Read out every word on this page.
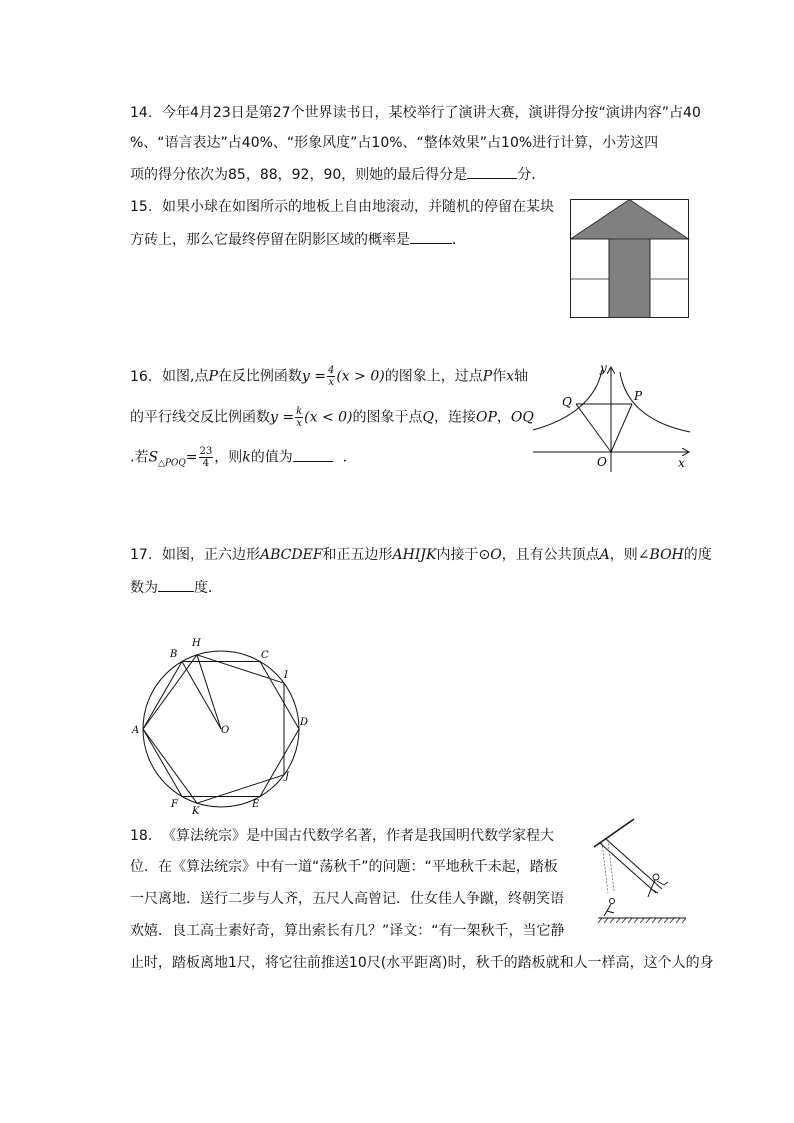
14. 今年4月23日是第27个世界读书日，某校举行了演讲大赛，演讲得分按“演讲内容”占40
%、“语言表达”占40%、“形象风度”占10%、“整体效果”占10%进行计算，小芳这四
项的得分依次为85，88，92，90，则她的最后得分是	分．
15. 如果小球在如图所示的地板上自由地滚动，并随机的停留在某块
方砖上，那么它最终停留在阴影区域的概率是	．
16. 如图,点P在反比例函数$y = \frac{4}{x} (x > 0)$的图象上，过点P作x轴
的平行线交反比例函数$y = \frac{k}{x} (x < 0)$的图象于点Q，连接OP，OQ
.若$S_{\triangle POQ}= \frac{23}{4}$ ，则k的值为	．
y
x
O
P
Q
17. 如图，正六边形ABCDEF和正五边形AHIJK内接于⊙O，且有公共顶点A，则∠BOH的度
数为	度．
A
B
H
C
I
D
J
E
K
F
O
18. 《算法统宗》是中国古代数学名著，作者是我国明代数学家程大
位．在《算法统宗》中有一道“荡秋千”的问题：“平地秋千未起，踏板
一尺离地．送行二步与人齐，五尺人高曾记．仕女佳人争蹴，终朝笑语
欢嬉．良工高士素好奇，算出索长有几？”译文：“有一架秋千，当它静
止时，踏板离地1尺，将它往前推送10尺(水平距离)时，秋千的踏板就和人一样高，这个人的身
